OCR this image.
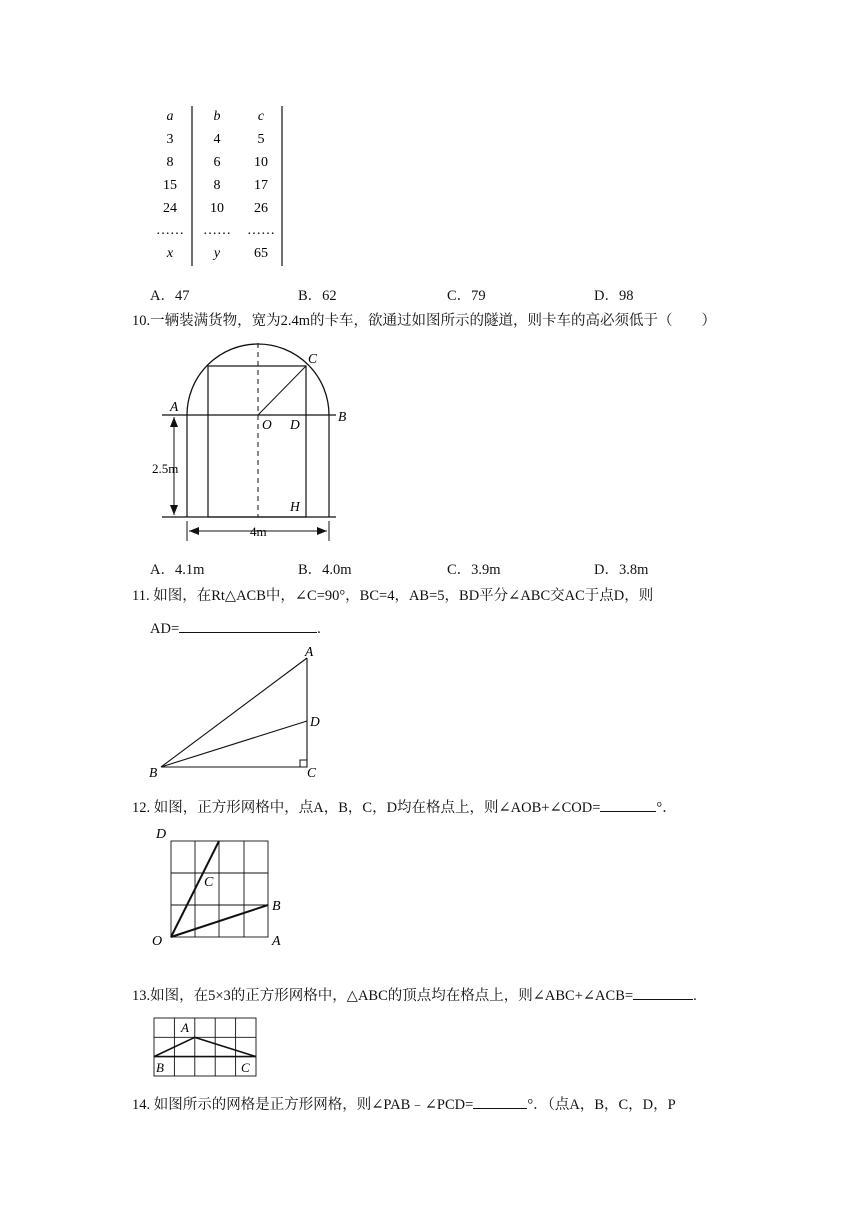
a	b	c
3	4	5
8	6 10
15	8 17
24 10 26
…… …… ……
x	y 65
A．47	B．62	C．79	D．98
10.一辆装满货物，宽为2.4m的卡车，欲通过如图所示的隧道，则卡车的高必须低于（　　）
A
B
C
O D
H
2.5m
4m
A．4.1m	B．4.0m	C．3.9m	D．3.8m
11. 如图，在Rt△ACB中，∠C=90°，BC=4，AB=5，BD平分∠ABC交AC于点D，则
AD=	.
A
D
B	C
12. 如图，正方形网格中，点A，B，C，D均在格点上，则∠AOB+∠COD=	°．
D
C
B
O	A
13.如图，在5×3的正方形网格中，△ABC的顶点均在格点上，则∠ABC+∠ACB=	.
A
B	C
14. 如图所示的网格是正方形网格，则∠PAB﹣∠PCD=	°．（点A，B，C，D，P
